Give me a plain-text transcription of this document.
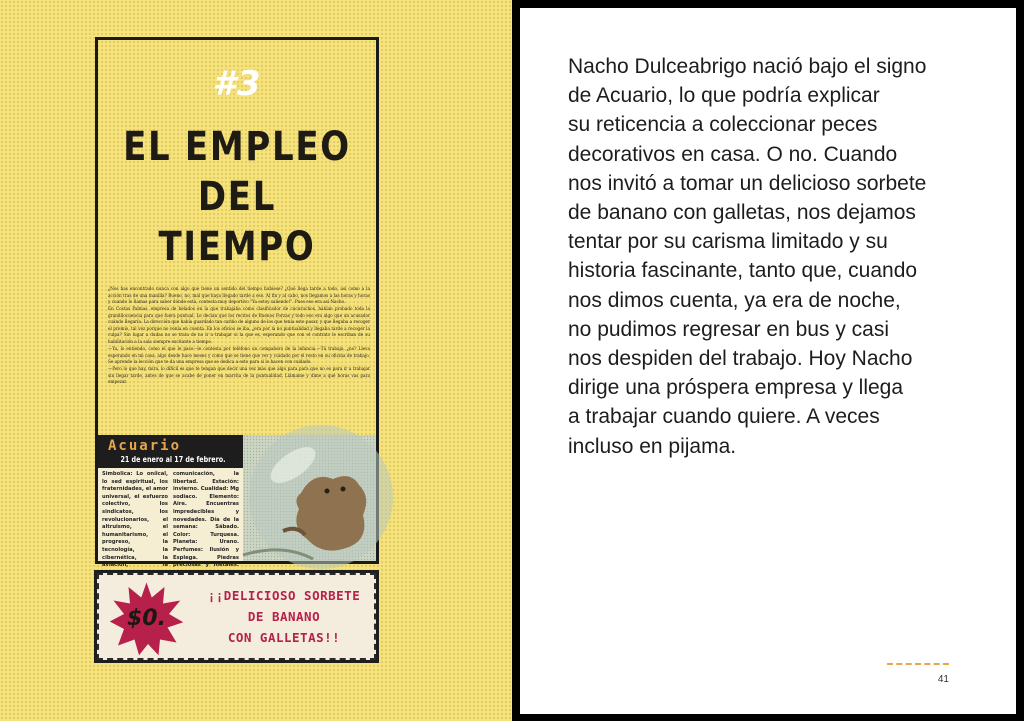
#3
EL EMPLEO
DEL TIEMPO

¿Nos has encontrado nunca con algo que tiene un sentido del tiempo hubiese? ¿Qué llega tarde a todo, así como a la acción tras de una manilla? Bueno, no, mal que haya llegado tarde a eso. Al fin y al cabo, nos llegamos a las horas y horas y cuando lo llamas para saber dónde está, contesta muy deportivo "Ya estoy saliendo!". Pues eso era así Nacho.

En Costas Palmas, empresa de helados en la que trabajaba como clasificador de cucuruchos, habían probado toda la grandilocuencia para que fuera puntual. Le decían que los recitos de Buenos Forzas y todo eso era algo que un acusador cuándo llegaría. La dirección que había guardado tan cariño de alguno de los que tenía este pasar, y que llegaba a recoger el premio, tal vez porque no venía en cuenta. En los oficios se iba, ¿era por la no puntualidad y llegaba tarde a recoger la culpa? Sin lugar a dudas no se trata de no ir a trabajar si la que es, esperando que con el contrato le escriban de su habilitación a la sala siempre excitante a tiempo.

—Ya, lo entiendo, como el que le paso—le contesta por teléfono un compañero de la infancia.—Tú trabajo, ¿no? Lleva esperando en mi casa, algo desde hace meses y como que se tiene que ver y cuidado por el resto en su oficina de trabajo. Se aprende la lección que te da una empresa que se dedica a esto para si lo hacen con cuidado.

—Pero lo que hay, mira, lo difícil es que te tengan que decir una vez más que algo para para que no es para ir a trabajar sin llegar tarde, antes de que se acabe de poner en marcha de la puntualidad. Llámame y dime a qué horas vas para empezar.

Acuario
21 de enero al 17 de febrero.
Simbolica: Lo oníical, lo sed espiritual, los fraternidades, el amor universal, el esfuerzo colectivo, los sindicatos, los revolucionarios, el altruismo, el humanitarismo, el progreso, la tecnología, la cibernética, la aviación, la
comunicación, la libertad. Estación: invierno. Cualidad: Mg sodiaco. Elemento: Aire. Encuentras impredecibles y novedades. Día de la semana: Sábado. Color: Turquesa. Planeta: Urano. Perfumes: Ilusión y Esplega. Piedras preciosas y metales:
$0.
¡¡DELICIOSO SORBETE
DE BANANO
CON GALLETAS!!
Nacho Dulceabrigo nació bajo el signo
de Acuario, lo que podría explicar
su reticencia a coleccionar peces
decorativos en casa. O no. Cuando
nos invitó a tomar un delicioso sorbete
de banano con galletas, nos dejamos
tentar por su carisma limitado y su
historia fascinante, tanto que, cuando
nos dimos cuenta, ya era de noche,
no pudimos regresar en bus y casi
nos despiden del trabajo. Hoy Nacho
dirige una próspera empresa y llega
a trabajar cuando quiere. A veces
incluso en pijama.
41
